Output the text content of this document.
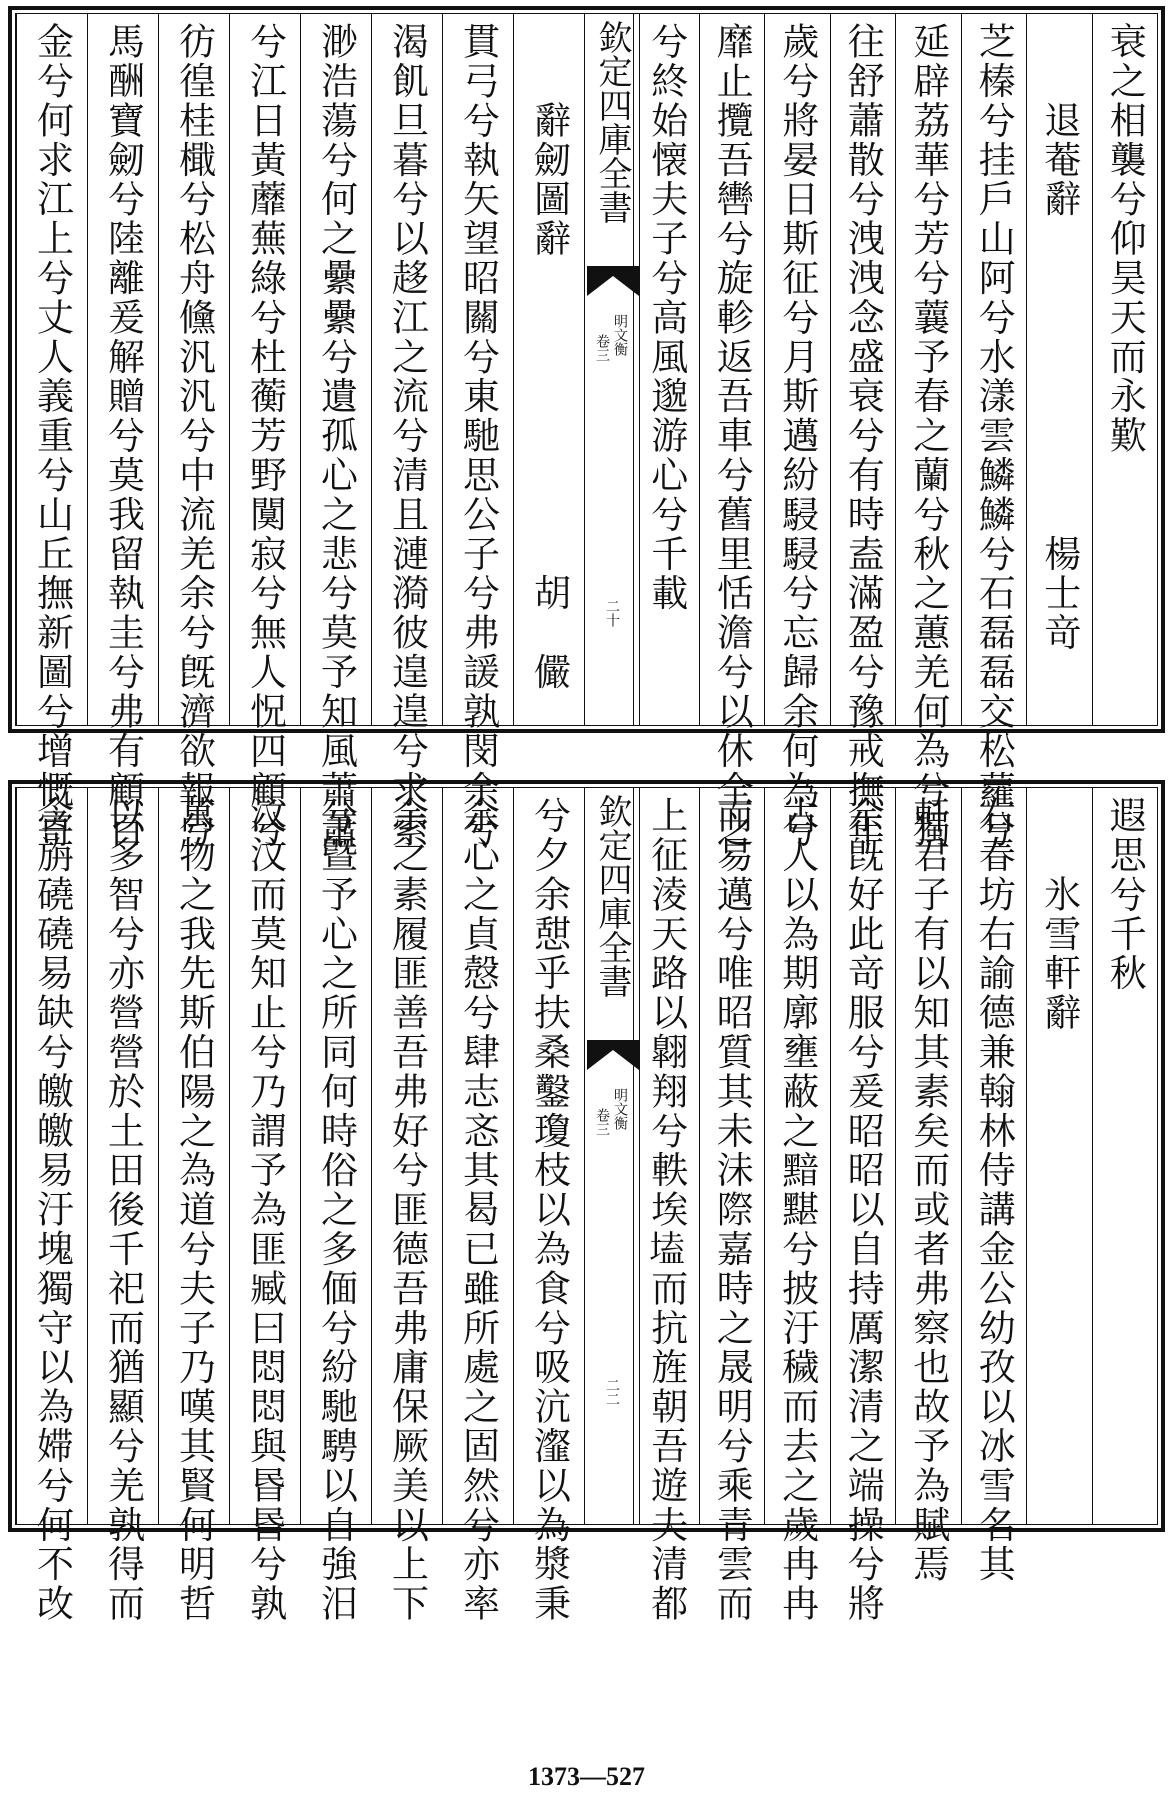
衰之相襲兮仰昊天而永歎
　　退菴辭　　　　　　　　楊士竒
芝榛兮挂戶山阿兮水漾雲鱗鱗兮石磊磊交松蘿兮
延辟荔華兮芳兮蘘予春之蘭兮秋之蕙羌何為兮獨
往舒蕭散兮洩洩念盛衰兮有時盍滿盈兮豫戒撫年
歲兮將晏日斯征兮月斯邁紛駸駸兮忘歸余何為兮
靡止攬吾轡兮旋軫返吾車兮舊里恬澹兮以休全之
兮終始懐夫子兮高風邈游心兮千載
欽定四庫全書
明文衡
卷三
二十
　　辭劒圖辭　　　　　　　　胡　儼
貫弓兮執矢望昭關兮東馳思公子兮弗諼孰閔余兮
渴飢旦暮兮以趍江之流兮清且漣漪彼遑遑兮求索
渺浩蕩兮何之纍纍兮遺孤心之悲兮莫予知風蕭蕭
兮江日黃蘼蕪綠兮杜蘅芳野闃寂兮無人怳四顧兮
彷徨桂檝兮松舟儵汎汎兮中流羌余兮旣濟欲報兮
馬酬寶劒兮陸離爰解贈兮莫我留執圭兮弗有顧百
金兮何求江上兮丈人義重兮山丘撫新圖兮增慨寄
遐思兮千秋
　　氷雪軒辭
右春坊右諭德兼翰林侍講金公幼孜以冰雪名其
軒君子有以知其素矣而或者弗察也故予為賦焉
余旣好此竒服兮爰昭昭以自持厲潔清之端操兮將
古人以為期廓壅蔽之黯黮兮披汙穢而去之歲冉冉
而易邁兮唯昭質其未沬際嘉時之晟明兮乘青雲而
上征淩天路以翺翔兮軼埃𡏖而抗旌朝吾遊夫清都
欽定四庫全書
明文衡
卷三
二二
兮夕余憇乎扶桑鑿瓊枝以為食兮吸沆瀣以為漿秉
余心之貞慤兮肆志忞其曷已雖所處之固然兮亦率
余之素履匪善吾弗好兮匪德吾弗庸保厥美以上下
兮曁予心之所同何時俗之多偭兮紛馳騁以自強汨
汶汶而莫知止兮乃謂予為匪臧曰悶悶與昬昬兮孰
萬物之我先斯伯陽之為道兮夫子乃嘆其賢何明哲
以多智兮亦營營於土田後千祀而猶顯兮羌孰得而
含旃磽磽易缺兮皦皦易汙塊獨守以為㛿兮何不改
1373—527
